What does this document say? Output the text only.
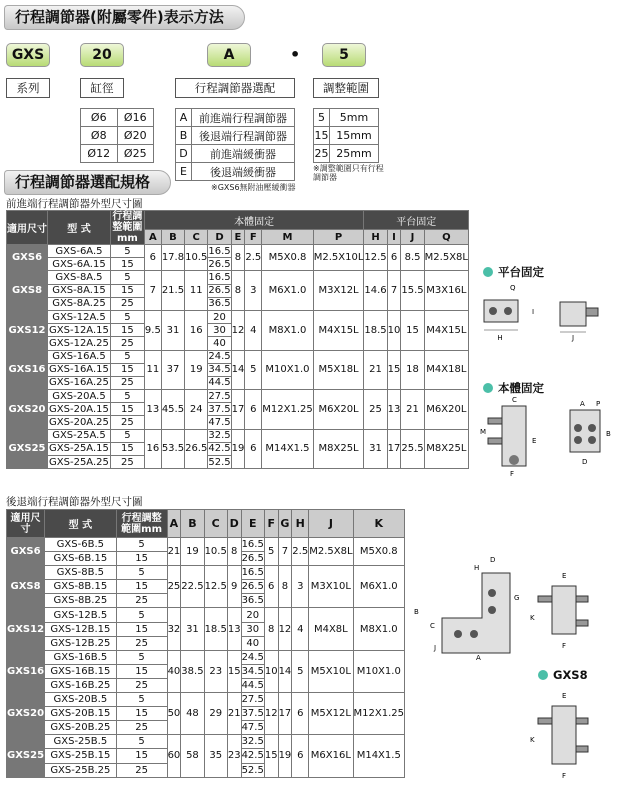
行程調節器(附屬零件)表示方法
GXS	20	A	•	5
系列	缸徑	行程調節器選配	調整範圍
Ø6	Ø16
Ø8	Ø20
Ø12	Ø25
A	前進端行程調節器
B	後退端行程調節器
D	前進端緩衝器
E	後退端緩衝器
※GXS6無附油壓緩衝器
5	5mm
15	15mm
25	25mm
※調整範圍只有行程調節器
行程調節器選配規格
前進端行程調節器外型尺寸圖
適用尺寸	型 式	行程調整範圍mm	本體固定								平台固定			
			A	B	C	D	E	F	M	P	H	I	J	Q
GXS6	GXS-6A.5	5	6	17.8	10.5	16.5	8	2.5	M5X0.8	M2.5X10L	12.5	6	8.5	M2.5X8L
	GXS-6A.15	15				26.5								
GXS8	GXS-8A.5	5	7	21.5	11	16.5	8	3	M6X1.0	M3X12L	14.6	7	15.5	M3X16L
	GXS-8A.15	15				26.5								
	GXS-8A.25	25				36.5								
GXS12	GXS-12A.5	5	9.5	31	16	20	12	4	M8X1.0	M4X15L	18.5	10	15	M4X15L
	GXS-12A.15	15				30								
	GXS-12A.25	25				40								
GXS16	GXS-16A.5	5	11	37	19	24.5	14	5	M10X1.0	M5X18L	21	15	18	M4X18L
	GXS-16A.15	15				34.5								
	GXS-16A.25	25				44.5								
GXS20	GXS-20A.5	5	13	45.5	24	27.5	17	6	M12X1.25	M6X20L	25	13	21	M6X20L
	GXS-20A.15	15				37.5								
	GXS-20A.25	25				47.5								
GXS25	GXS-25A.5	5	16	53.5	26.5	32.5	19	6	M14X1.5	M8X25L	31	17	25.5	M8X25L
	GXS-25A.15	15				42.5								
	GXS-25A.25	25				52.5								
後退端行程調節器外型尺寸圖
適用尺寸	型 式	行程調整範圍mm	A	B	C	D	E	F	G	H	J	K
GXS6	GXS-6B.5	5	21	19	10.5	8	16.5	5	7	2.5	M2.5X8L	M5X0.8
	GXS-6B.15	15					26.5					
GXS8	GXS-8B.5	5	25	22.5	12.5	9	16.5	6	8	3	M3X10L	M6X1.0
	GXS-8B.15	15					26.5					
	GXS-8B.25	25					36.5					
GXS12	GXS-12B.5	5	32	31	18.5	13	20	8	12	4	M4X8L	M8X1.0
	GXS-12B.15	15					30					
	GXS-12B.25	25					40					
GXS16	GXS-16B.5	5	40	38.5	23	15	24.5	10	14	5	M5X10L	M10X1.0
	GXS-16B.15	15					34.5					
	GXS-16B.25	25					44.5					
GXS20	GXS-20B.5	5	50	48	29	21	27.5	12	17	6	M5X12L	M12X1.25
	GXS-20B.15	15					37.5					
	GXS-20B.25	25					47.5					
GXS25	GXS-25B.5	5	60	58	35	23	32.5	15	19	6	M6X16L	M14X1.5
	GXS-25B.15	15					42.5					
	GXS-25B.25	25					52.5					
平台固定
本體固定
GXS8
H
Q
I
J
C
M
E
F
A P
B
D
A
B
C
D
H
G
J
E
K
F
E
K
F
